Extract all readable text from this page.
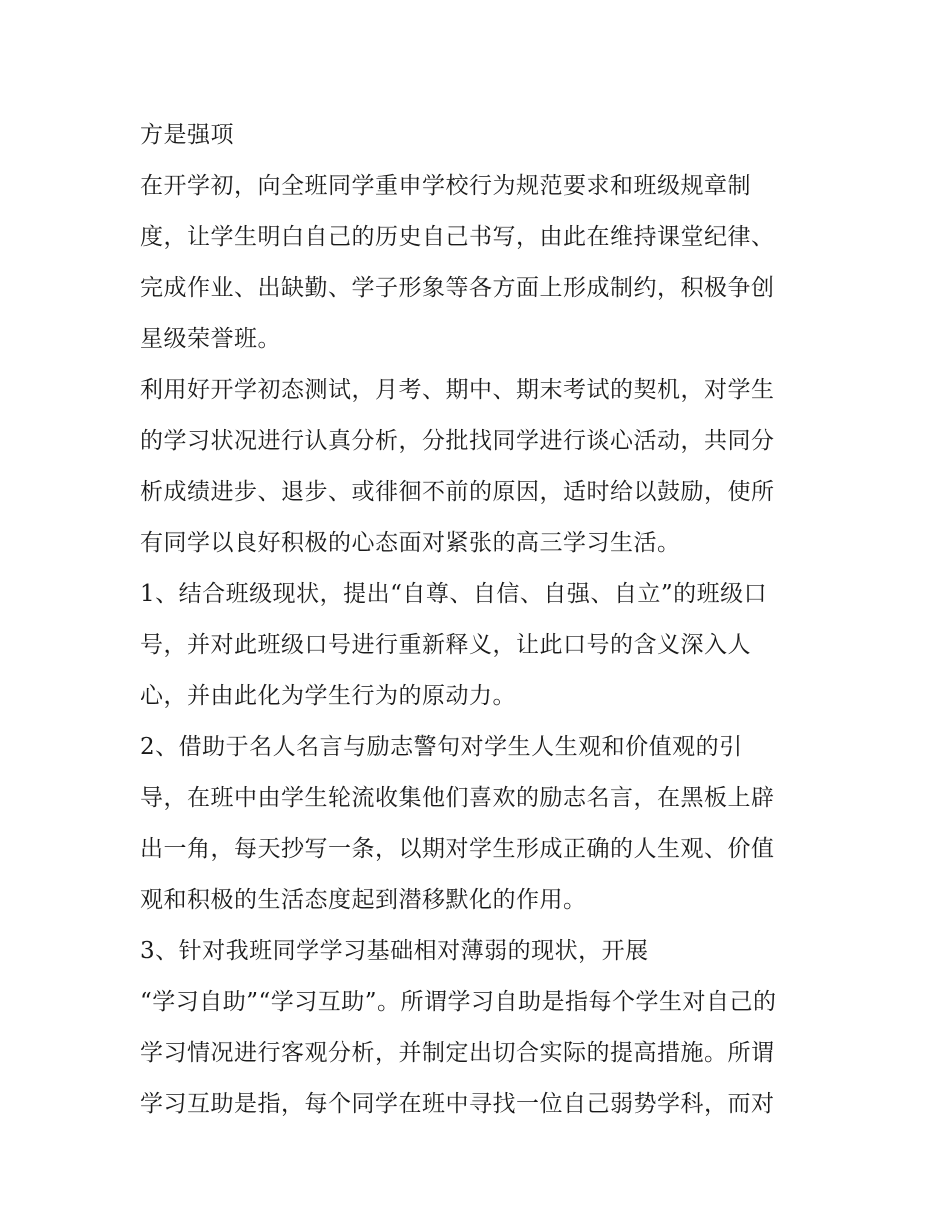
方是强项
在开学初，向全班同学重申学校行为规范要求和班级规章制
度，让学生明白自己的历史自己书写，由此在维持课堂纪律、
完成作业、出缺勤、学子形象等各方面上形成制约，积极争创
星级荣誉班。
利用好开学初态测试，月考、期中、期末考试的契机，对学生
的学习状况进行认真分析，分批找同学进行谈心活动，共同分
析成绩进步、退步、或徘徊不前的原因，适时给以鼓励，使所
有同学以良好积极的心态面对紧张的高三学习生活。
1、结合班级现状，提出“自尊、自信、自强、自立”的班级口
号，并对此班级口号进行重新释义，让此口号的含义深入人
心，并由此化为学生行为的原动力。
2、借助于名人名言与励志警句对学生人生观和价值观的引
导，在班中由学生轮流收集他们喜欢的励志名言，在黑板上辟
出一角，每天抄写一条，以期对学生形成正确的人生观、价值
观和积极的生活态度起到潜移默化的作用。
3、针对我班同学学习基础相对薄弱的现状，开展
“学习自助”“学习互助”。所谓学习自助是指每个学生对自己的
学习情况进行客观分析，并制定出切合实际的提高措施。所谓
学习互助是指，每个同学在班中寻找一位自己弱势学科，而对
